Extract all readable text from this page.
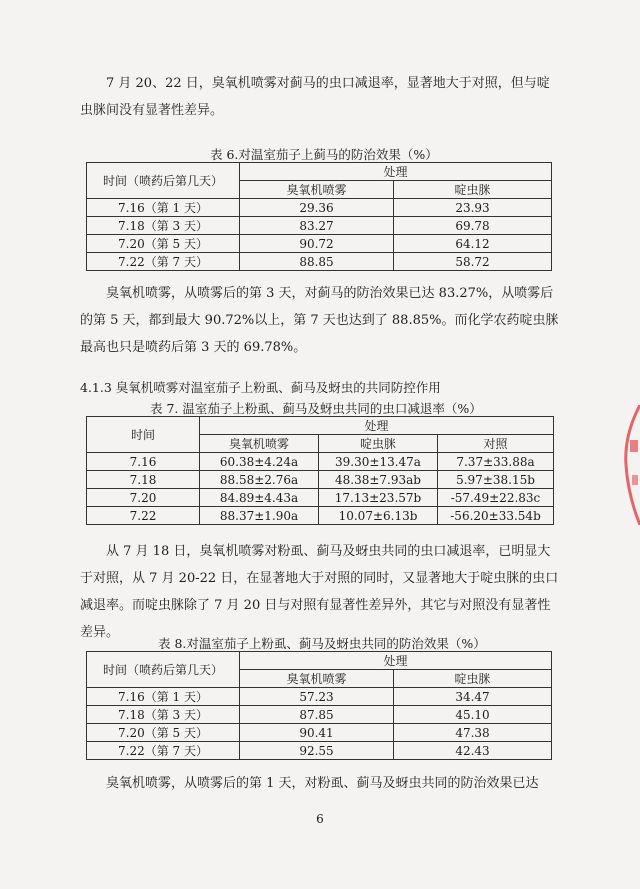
7 月 20、22 日，臭氧机喷雾对蓟马的虫口减退率，显著地大于对照，但与啶虫脒间没有显著性差异。

表 6.对温室茄子上蓟马的防治效果（%）

时间（喷药后第几天）	处理	
	臭氧机喷雾	啶虫脒
7.16（第 1 天）	29.36	23.93
7.18（第 3 天）	83.27	69.78
7.20（第 5 天）	90.72	64.12
7.22（第 7 天）	88.85	58.72

臭氧机喷雾，从喷雾后的第 3 天，对蓟马的防治效果已达 83.27%，从喷雾后的第 5 天，都到最大 90.72%以上，第 7 天也达到了 88.85%。而化学农药啶虫脒最高也只是喷药后第 3 天的 69.78%。

4.1.3 臭氧机喷雾对温室茄子上粉虱、蓟马及蚜虫的共同防控作用

表 7. 温室茄子上粉虱、蓟马及蚜虫共同的虫口减退率（%）

时间	处理		
	臭氧机喷雾	啶虫脒	对照
7.16	60.38±4.24a	39.30±13.47a	7.37±33.88a
7.18	88.58±2.76a	48.38±7.93ab	5.97±38.15b
7.20	84.89±4.43a	17.13±23.57b	-57.49±22.83c
7.22	88.37±1.90a	10.07±6.13b	-56.20±33.54b

从 7 月 18 日，臭氧机喷雾对粉虱、蓟马及蚜虫共同的虫口减退率，已明显大于对照，从 7 月 20-22 日，在显著地大于对照的同时，又显著地大于啶虫脒的虫口减退率。而啶虫脒除了 7 月 20 日与对照有显著性差异外，其它与对照没有显著性差异。

表 8.对温室茄子上粉虱、蓟马及蚜虫共同的防治效果（%）

时间（喷药后第几天）	处理	
	臭氧机喷雾	啶虫脒
7.16（第 1 天）	57.23	34.47
7.18（第 3 天）	87.85	45.10
7.20（第 5 天）	90.41	47.38
7.22（第 7 天）	92.55	42.43

臭氧机喷雾，从喷雾后的第 1 天，对粉虱、蓟马及蚜虫共同的防治效果已达

6
